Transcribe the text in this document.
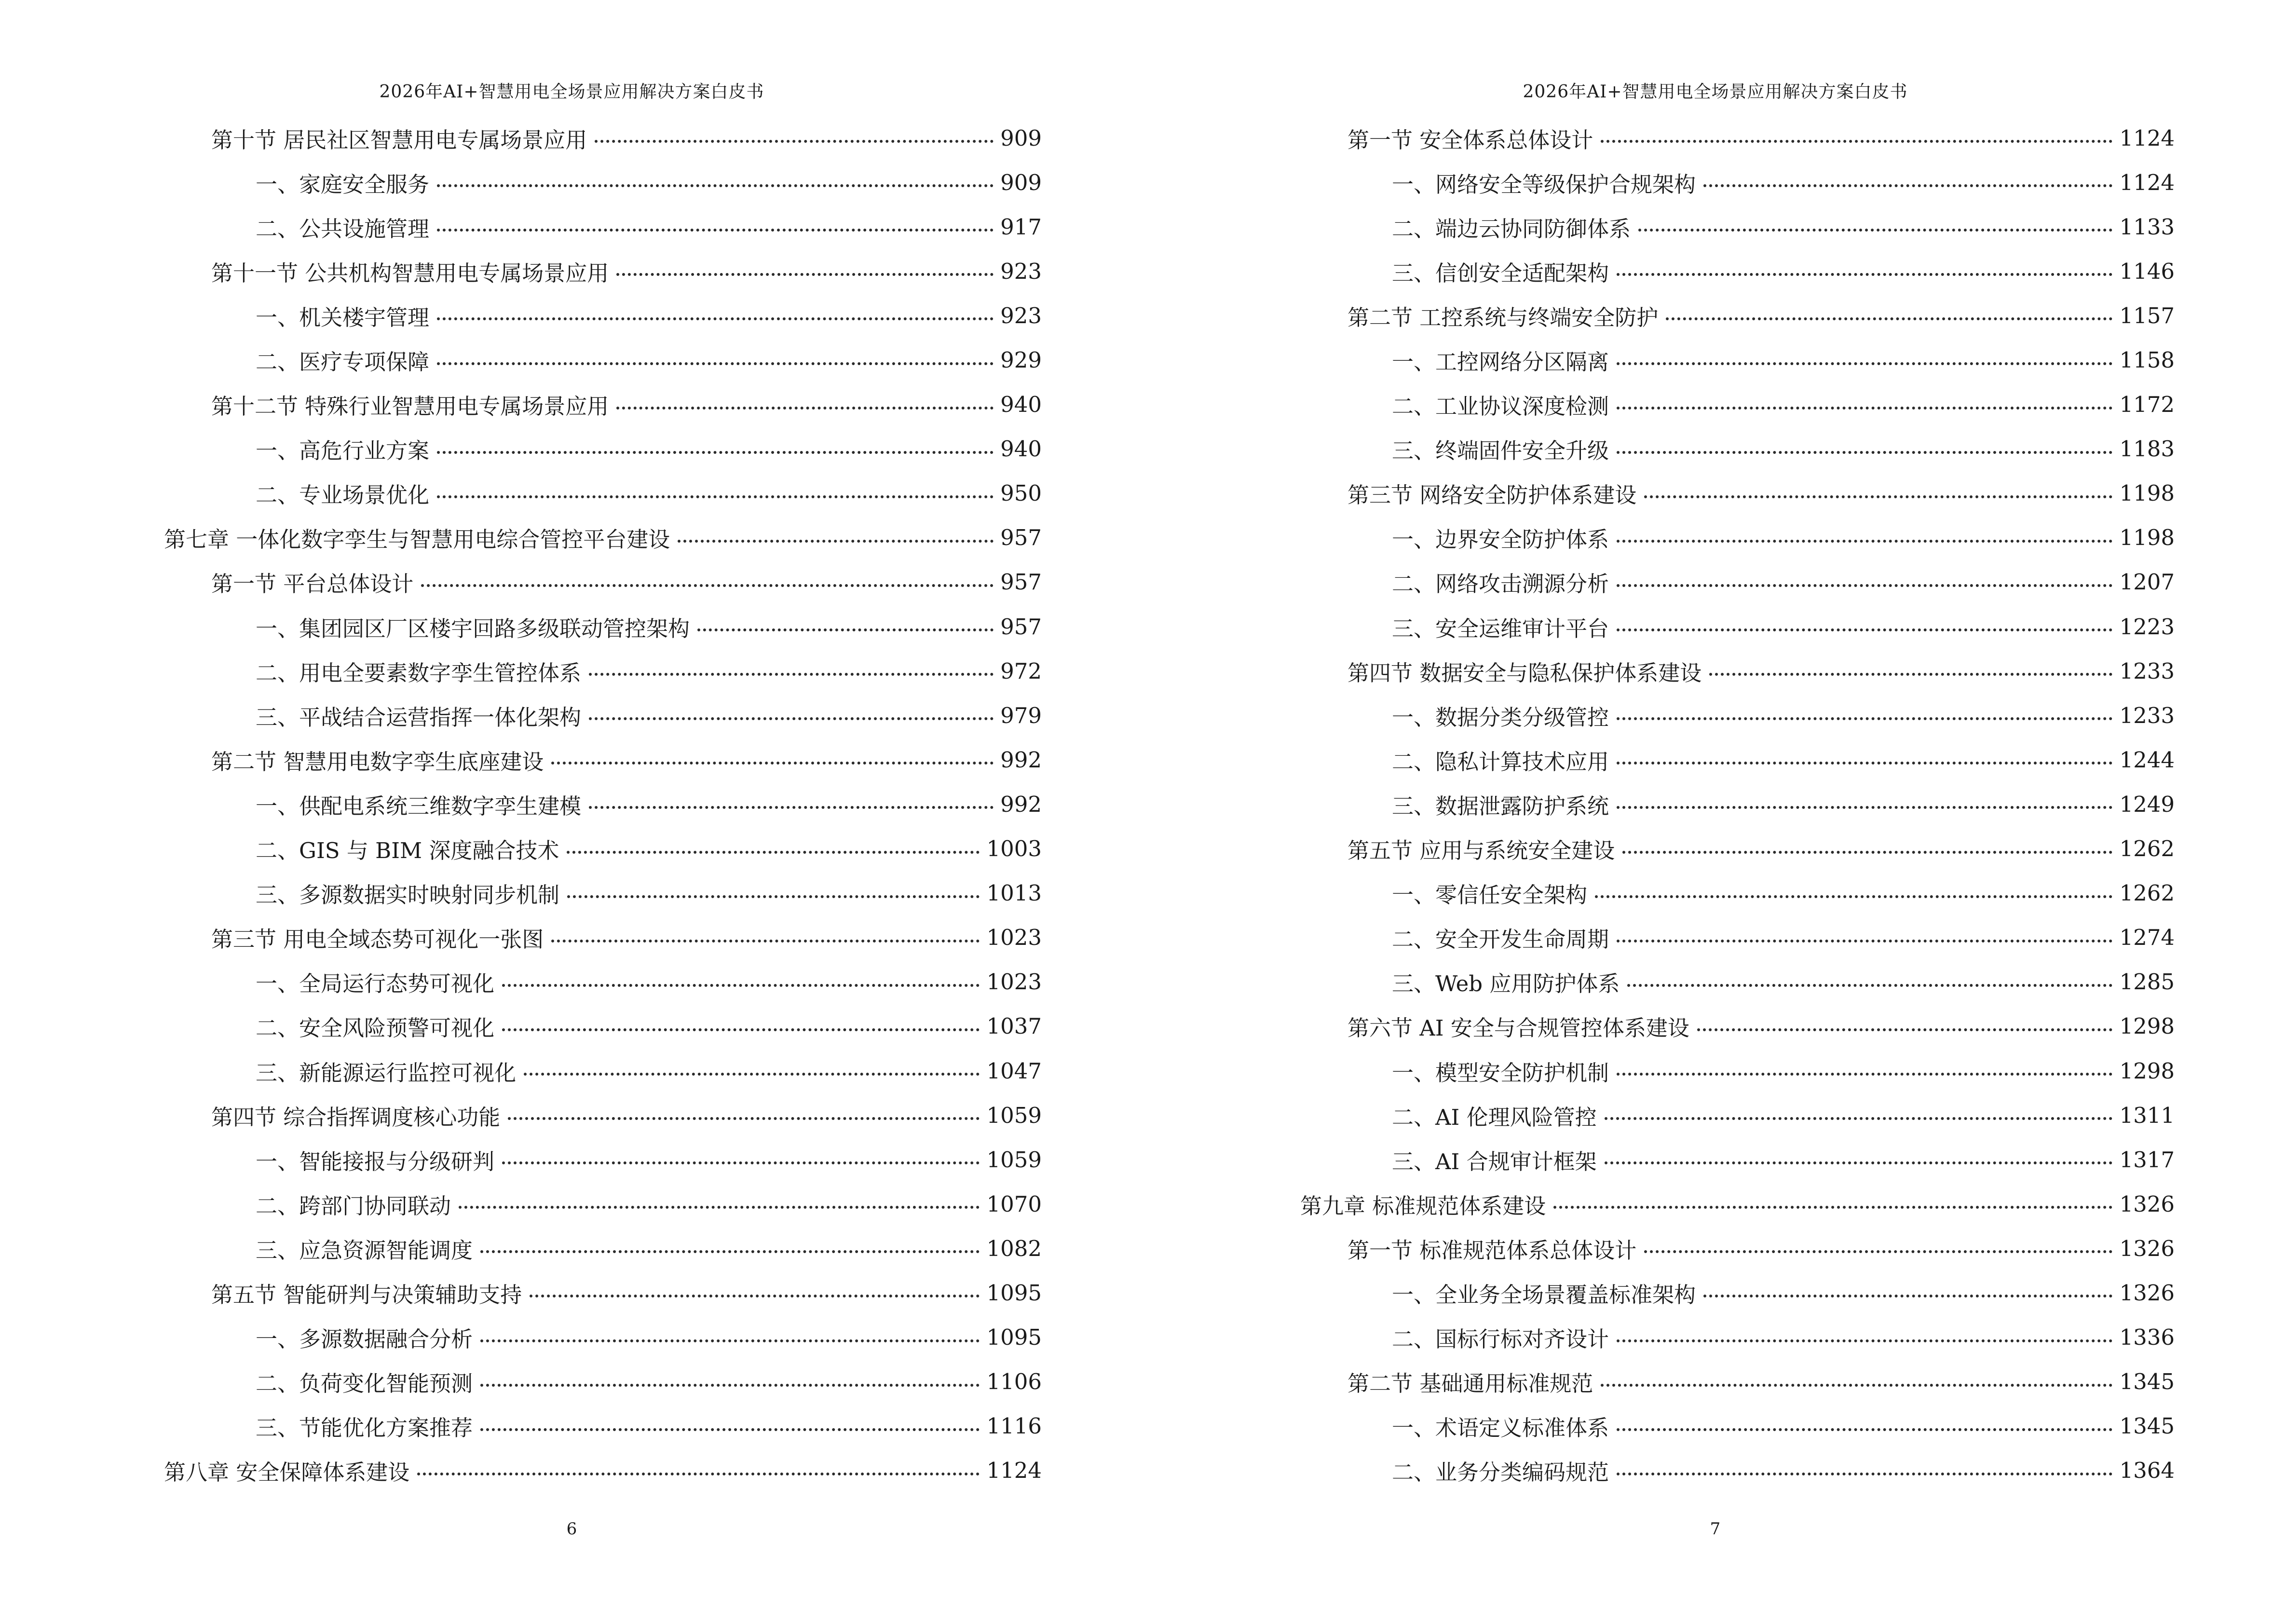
2026年AI+智慧用电全场景应用解决方案白皮书
第十节 居民社区智慧用电专属场景应用	909
一、家庭安全服务	909
二、公共设施管理	917
第十一节 公共机构智慧用电专属场景应用	923
一、机关楼宇管理	923
二、医疗专项保障	929
第十二节 特殊行业智慧用电专属场景应用	940
一、高危行业方案	940
二、专业场景优化	950
第七章 一体化数字孪生与智慧用电综合管控平台建设	957
第一节 平台总体设计	957
一、集团园区厂区楼宇回路多级联动管控架构	957
二、用电全要素数字孪生管控体系	972
三、平战结合运营指挥一体化架构	979
第二节 智慧用电数字孪生底座建设	992
一、供配电系统三维数字孪生建模	992
二、GIS 与 BIM 深度融合技术	1003
三、多源数据实时映射同步机制	1013
第三节 用电全域态势可视化一张图	1023
一、全局运行态势可视化	1023
二、安全风险预警可视化	1037
三、新能源运行监控可视化	1047
第四节 综合指挥调度核心功能	1059
一、智能接报与分级研判	1059
二、跨部门协同联动	1070
三、应急资源智能调度	1082
第五节 智能研判与决策辅助支持	1095
一、多源数据融合分析	1095
二、负荷变化智能预测	1106
三、节能优化方案推荐	1116
第八章 安全保障体系建设	1124
6
2026年AI+智慧用电全场景应用解决方案白皮书
第一节 安全体系总体设计	1124
一、网络安全等级保护合规架构	1124
二、端边云协同防御体系	1133
三、信创安全适配架构	1146
第二节 工控系统与终端安全防护	1157
一、工控网络分区隔离	1158
二、工业协议深度检测	1172
三、终端固件安全升级	1183
第三节 网络安全防护体系建设	1198
一、边界安全防护体系	1198
二、网络攻击溯源分析	1207
三、安全运维审计平台	1223
第四节 数据安全与隐私保护体系建设	1233
一、数据分类分级管控	1233
二、隐私计算技术应用	1244
三、数据泄露防护系统	1249
第五节 应用与系统安全建设	1262
一、零信任安全架构	1262
二、安全开发生命周期	1274
三、Web 应用防护体系	1285
第六节 AI 安全与合规管控体系建设	1298
一、模型安全防护机制	1298
二、AI 伦理风险管控	1311
三、AI 合规审计框架	1317
第九章 标准规范体系建设	1326
第一节 标准规范体系总体设计	1326
一、全业务全场景覆盖标准架构	1326
二、国标行标对齐设计	1336
第二节 基础通用标准规范	1345
一、术语定义标准体系	1345
二、业务分类编码规范	1364
7
